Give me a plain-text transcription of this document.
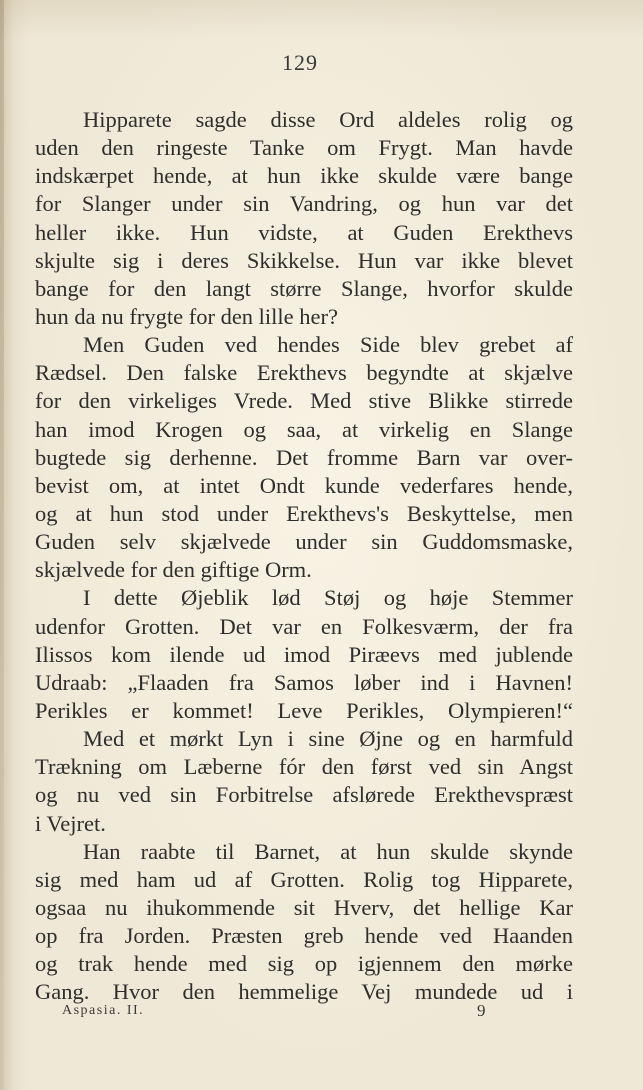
129
Hipparete sagde disse Ord aldeles rolig og
uden den ringeste Tanke om Frygt. Man havde
indskærpet hende, at hun ikke skulde være bange
for Slanger under sin Vandring, og hun var det
heller ikke. Hun vidste, at Guden Erekthevs
skjulte sig i deres Skikkelse. Hun var ikke blevet
bange for den langt større Slange, hvorfor skulde
hun da nu frygte for den lille her?
Men Guden ved hendes Side blev grebet af
Rædsel. Den falske Erekthevs begyndte at skjælve
for den virkeliges Vrede. Med stive Blikke stirrede
han imod Krogen og saa, at virkelig en Slange
bugtede sig derhenne. Det fromme Barn var over-
bevist om, at intet Ondt kunde vederfares hende,
og at hun stod under Erekthevs's Beskyttelse, men
Guden selv skjælvede under sin Guddomsmaske,
skjælvede for den giftige Orm.
I dette Øjeblik lød Støj og høje Stemmer
udenfor Grotten. Det var en Folkesværm, der fra
Ilissos kom ilende ud imod Piræevs med jublende
Udraab: „Flaaden fra Samos løber ind i Havnen!
Perikles er kommet! Leve Perikles, Olympieren!“
Med et mørkt Lyn i sine Øjne og en harmfuld
Trækning om Læberne fór den først ved sin Angst
og nu ved sin Forbitrelse afslørede Erekthevspræst
i Vejret.
Han raabte til Barnet, at hun skulde skynde
sig med ham ud af Grotten. Rolig tog Hipparete,
ogsaa nu ihukommende sit Hverv, det hellige Kar
op fra Jorden. Præsten greb hende ved Haanden
og trak hende med sig op igjennem den mørke
Gang. Hvor den hemmelige Vej mundede ud i
Aspasia. II.	9
